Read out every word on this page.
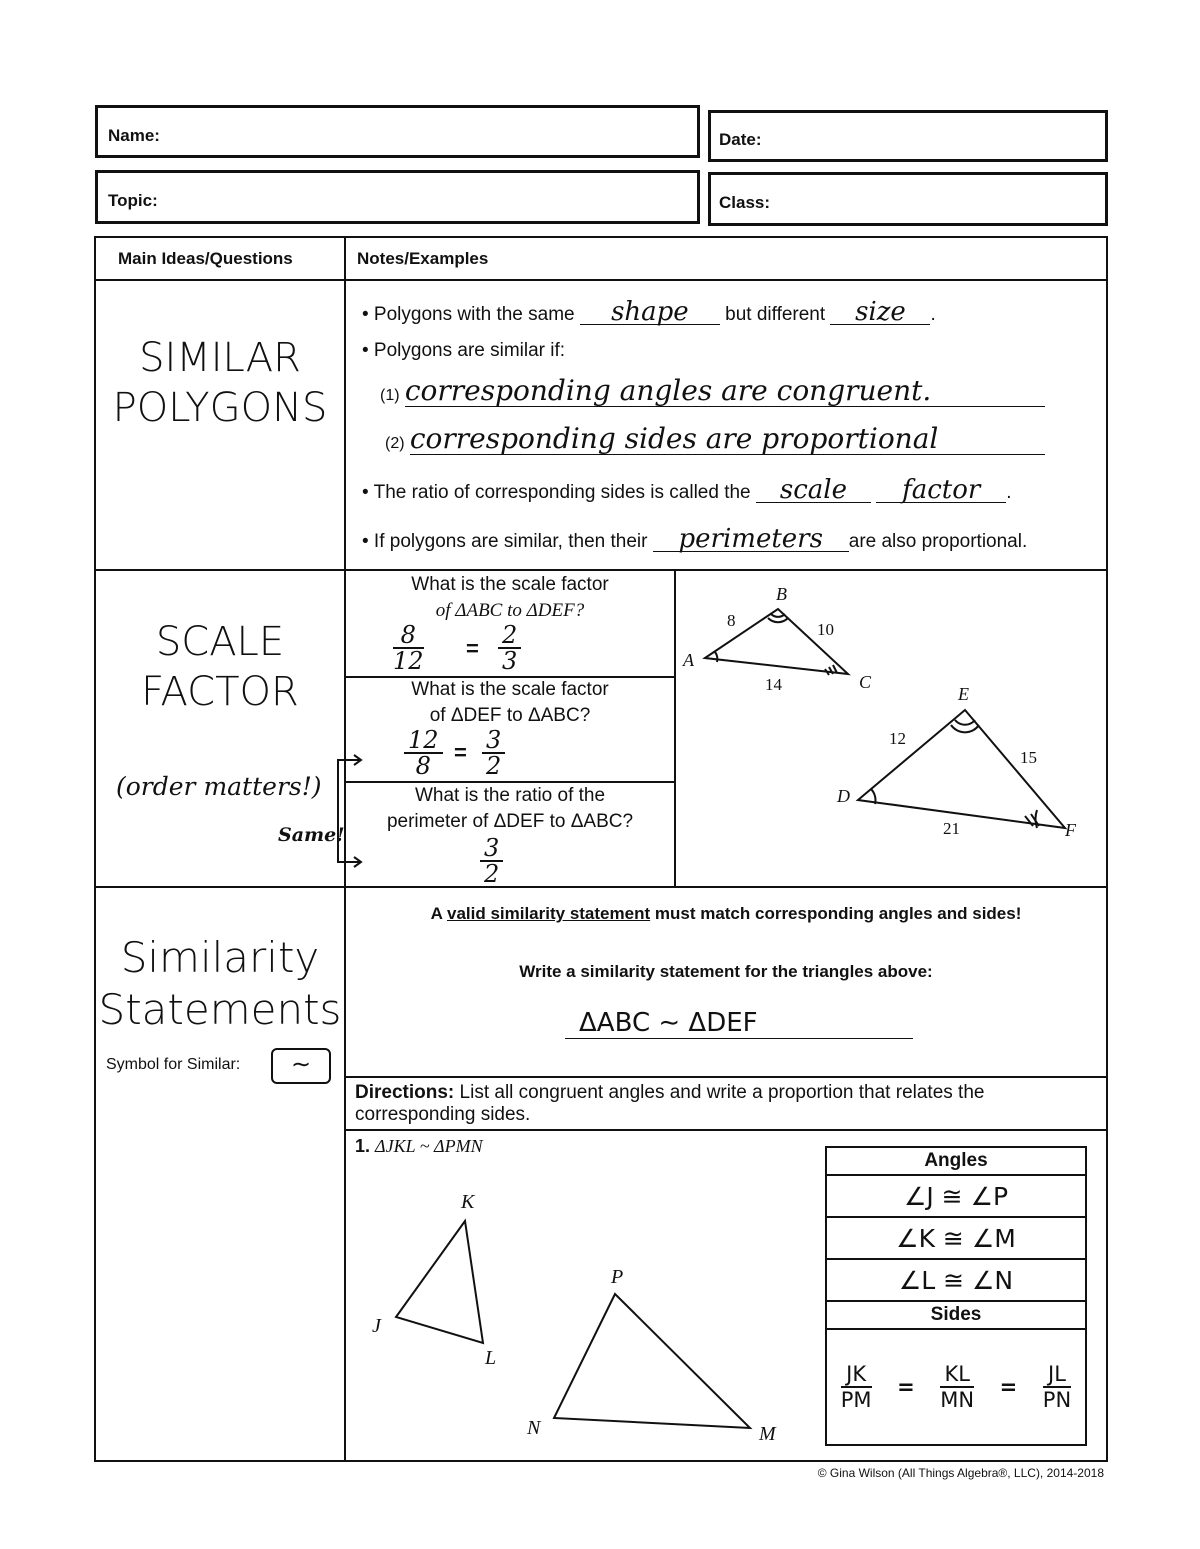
Name:	Date:
Topic:	Class:
Main Ideas/Questions	Notes/Examples
SIMILAR
POLYGONS
• Polygons with the same shape but different size .
• Polygons are similar if:
(1) corresponding angles are congruent.
(2) corresponding sides are proportional
• The ratio of corresponding sides is called the scale factor .
• If polygons are similar, then their perimeters are also proportional.
SCALE
FACTOR
(order matters!)
Same!
What is the scale factor
of ΔABC to ΔDEF?
$\frac{8}{12} = \frac{2}{3}$
What is the scale factor
of ΔDEF to ΔABC?
$\frac{12}{8} = \frac{3}{2}$
What is the ratio of the
perimeter of ΔDEF to ΔABC?
$\frac{3}{2}$
A
B
C
D
E
F
8	10
14
12
15
21
Similarity
Statements
Symbol for Similar:	∼
A valid similarity statement must match corresponding angles and sides!
Write a similarity statement for the triangles above:
ΔABC ∼ ΔDEF
Directions: List all congruent angles and write a proportion that relates the corresponding sides.
1. ΔJKL ~ ΔPMN
J
K
L
P
M
N
Angles
∠J ≅ ∠P
∠K ≅ ∠M
∠L ≅ ∠N
Sides

$\frac{JK}{PM} = \frac{KL}{MN} = \frac{JL}{PN}$
© Gina Wilson (All Things Algebra®, LLC), 2014-2018
